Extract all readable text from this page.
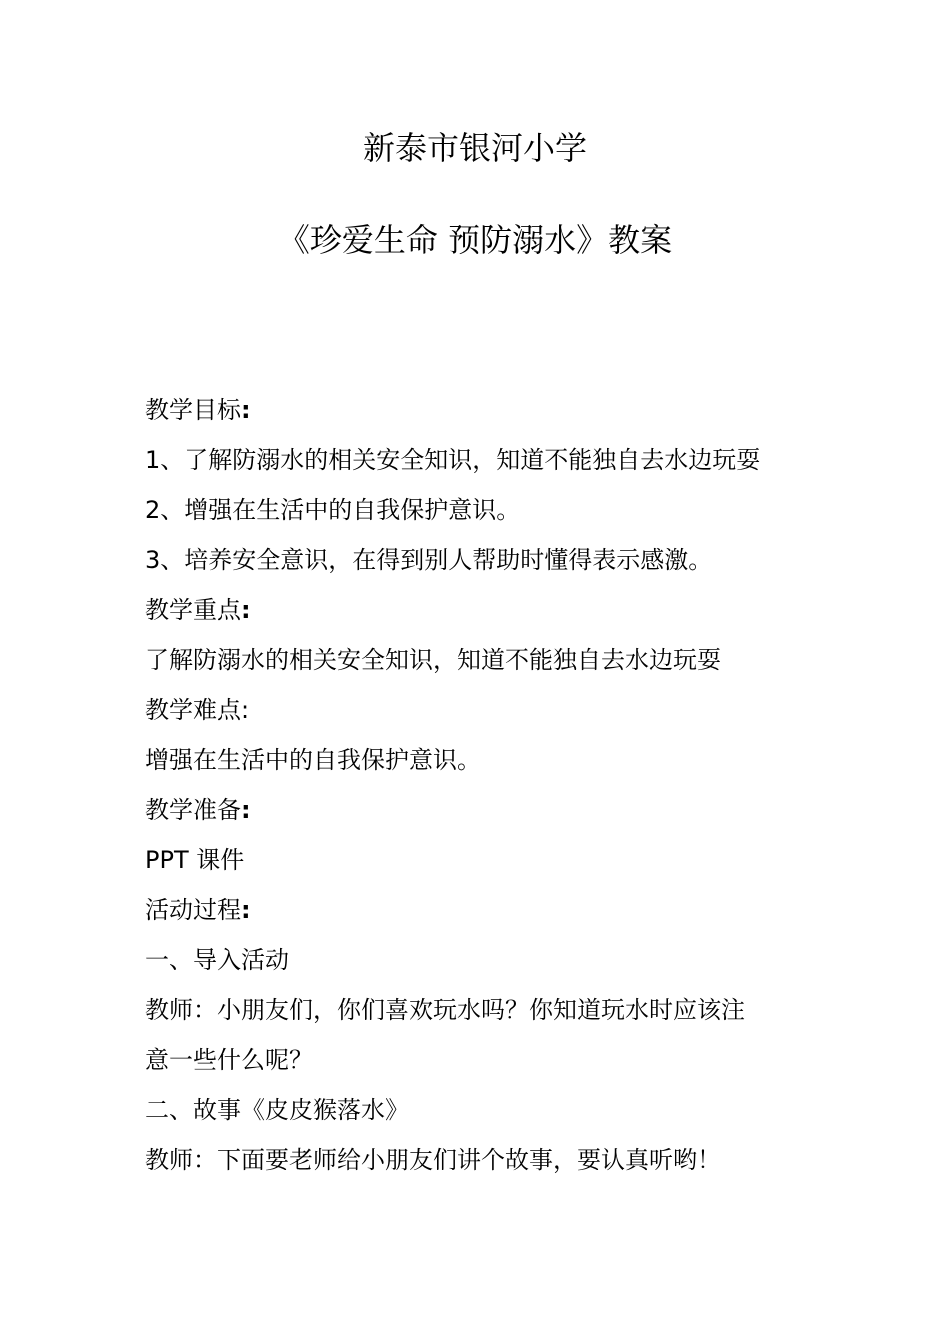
新泰市银河小学
《珍爱生命 预防溺水》教案
教学目标:
1、了解防溺水的相关安全知识，知道不能独自去水边玩耍
2、增强在生活中的自我保护意识。
3、培养安全意识，在得到别人帮助时懂得表示感激。
教学重点:
了解防溺水的相关安全知识，知道不能独自去水边玩耍
教学难点:
增强在生活中的自我保护意识。
教学准备:
PPT 课件
活动过程:
一、导入活动
教师：小朋友们，你们喜欢玩水吗？你知道玩水时应该注
意一些什么呢？
二、故事《皮皮猴落水》
教师：下面要老师给小朋友们讲个故事，要认真听哟！
